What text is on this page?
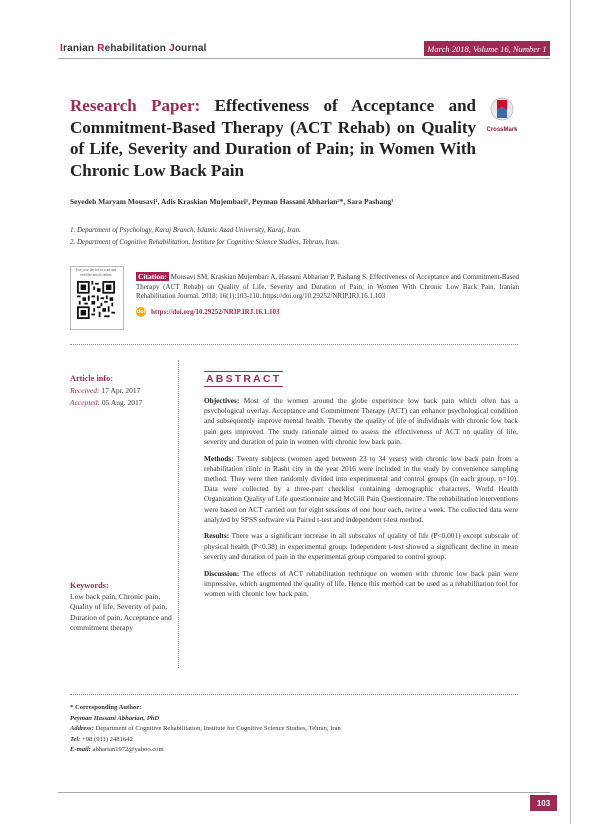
Iranian Rehabilitation Journal	March 2018, Volume 16, Number 1
Research Paper: Effectiveness of Acceptance and Commitment-Based Therapy (ACT Rehab) on Quality of Life, Severity and Duration of Pain; in Women With Chronic Low Back Pain
CrossMark
Seyedeh Maryam Mousavi¹, Adis Kraskian Mujembari¹, Peyman Hassani Abharian²*, Sara Pashang¹
1. Department of Psychology, Karaj Branch, Islamic Azad University, Karaj, Iran.
2. Department of Cognitive Rehabilitation, Institute for Cognitive Science Studies, Tehran, Iran.
Use your device to scan and read the article online	Citation: Mousavi SM, Kraskian Mujembari A, Hassani Abharian P, Pashang S. Effectiveness of Acceptance and Commitment-Based Therapy (ACT Rehab) on Quality of Life, Severity and Duration of Pain; in Women With Chronic Low Back Pain. Iranian Rehabilitation Journal. 2018; 16(1):103-110. https://doi.org/10.29252/NRIP.IRJ.16.1.103
doi https://doi.org/10.29252/NRIP.IRJ.16.1.103
Article info:
Received: 17 Apr. 2017
Accepted: 05 Aug. 2017
Keywords:
Low back pain, Chronic pain, Quality of life, Severity of pain, Duration of pain, Acceptance and commitment therapy
ABSTRACT

Objectives: Most of the women around the globe experience low back pain which often has a psychological overlay. Acceptance and Commitment Therapy (ACT) can enhance psychological condition and subsequently improve mental health. Thereby the quality of life of individuals with chronic low back pain gets improved. The study rationale aimed to assess the effectiveness of ACT on quality of life, severity and duration of pain in women with chronic low back pain.

Methods: Twenty subjects (women aged between 23 to 34 years) with chronic low back pain from a rehabilitation clinic in Rasht city in the year 2016 were included in the study by convenience sampling method. They were then randomly divided into experimental and control groups (in each group, n=10). Data were collected by a three-part checklist containing demographic characters, World Health Organization Quality of Life questionnaire and McGill Pain Questionnaire. The rehabilitation interventions were based on ACT carried out for eight sessions of one hour each, twice a week. The collected data were analyzed by SPSS software via Paired t-test and independent t-test method.

Results: There was a significant increase in all subscales of quality of life (P<0.001) except subscale of physical health (P<0.38) in experimental group. Independent t-test showed a significant decline in mean severity and duration of pain in the experimental group compared to control group.

Discussion: The effects of ACT rehabilitation technique on women with chronic low back pain were impressive, which augmented the quality of life. Hence this method can be used as a rehabilitation tool for women with chronic low back pain.

* Corresponding Author:
Peyman Hassani Abharian, PhD
Address: Department of Cognitive Rehabilitation, Institute for Cognitive Science Studies, Tehran, Iran
Tel: +98 (911) 2481642
E-mail: abharian1972@yahoo.com
103
